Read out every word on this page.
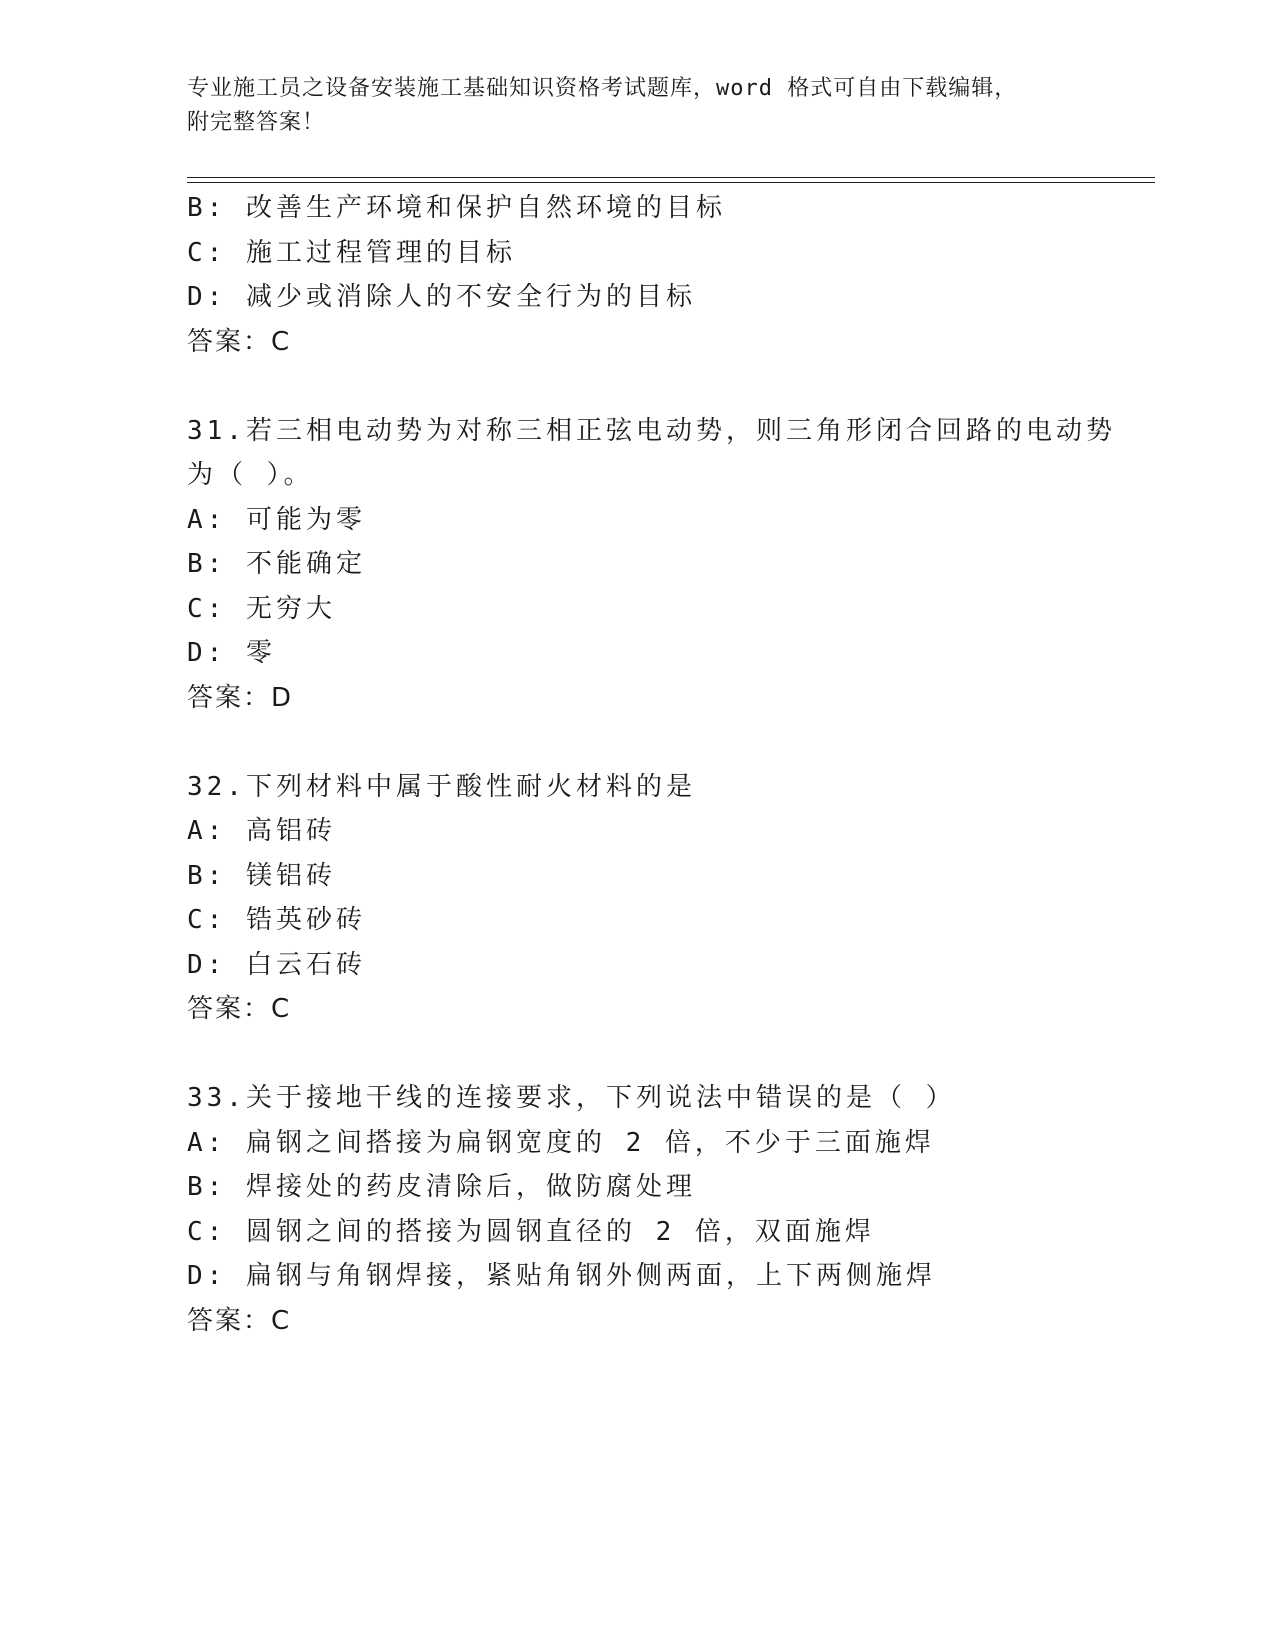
专业施工员之设备安装施工基础知识资格考试题库，word 格式可自由下载编辑，
附完整答案！
B: 改善生产环境和保护自然环境的目标
C: 施工过程管理的目标
D: 减少或消除人的不安全行为的目标
答案：C
31.若三相电动势为对称三相正弦电动势，则三角形闭合回路的电动势
为（ ）。
A: 可能为零
B: 不能确定
C: 无穷大
D: 零
答案：D
32.下列材料中属于酸性耐火材料的是
A: 高铝砖
B: 镁铝砖
C: 锆英砂砖
D: 白云石砖
答案：C
33.关于接地干线的连接要求，下列说法中错误的是（ ）
A: 扁钢之间搭接为扁钢宽度的 2 倍，不少于三面施焊
B: 焊接处的药皮清除后，做防腐处理
C: 圆钢之间的搭接为圆钢直径的 2 倍，双面施焊
D: 扁钢与角钢焊接，紧贴角钢外侧两面，上下两侧施焊
答案：C
